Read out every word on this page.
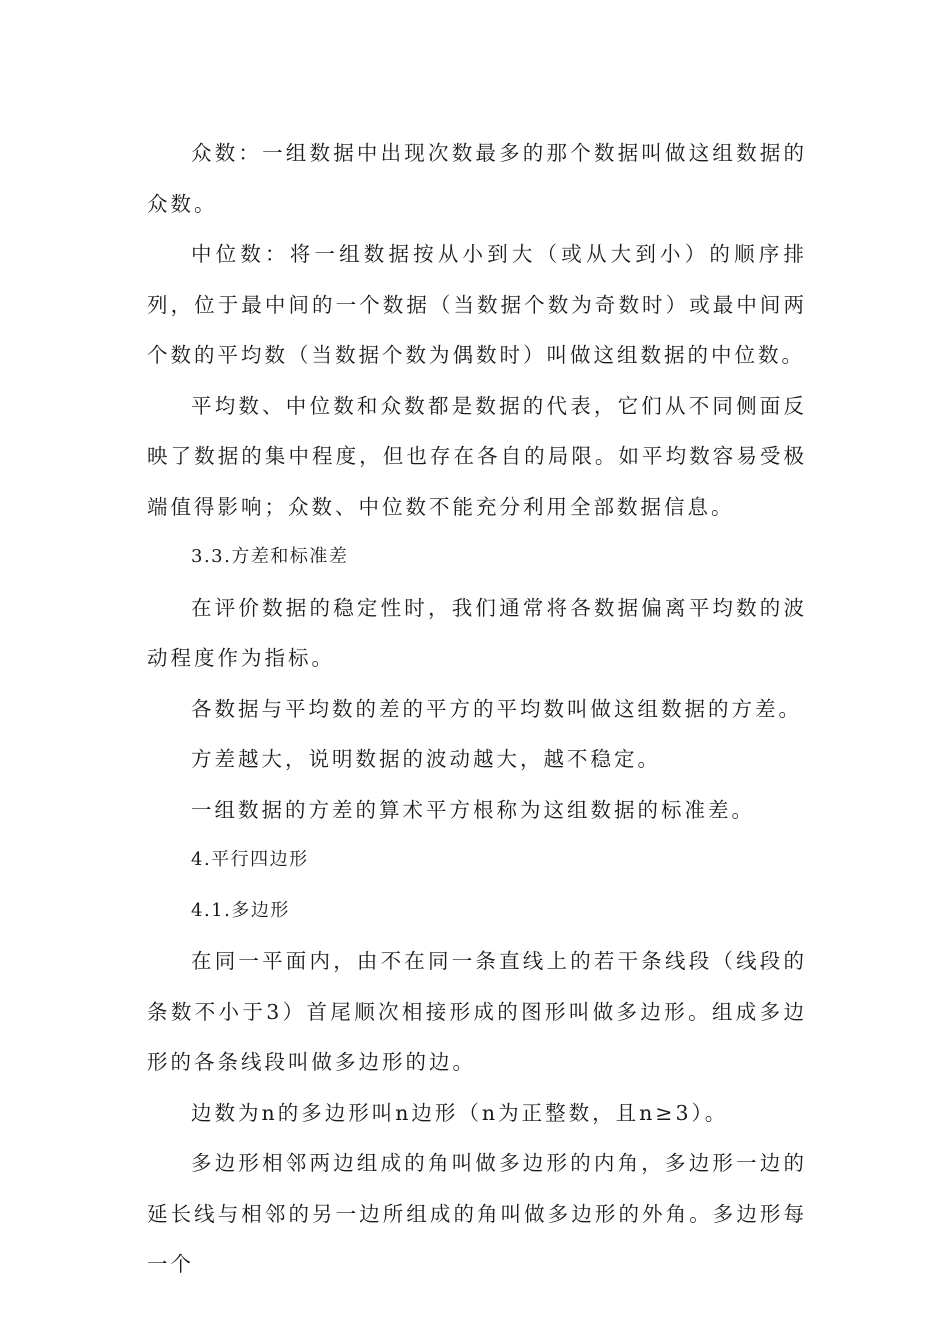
众数：一组数据中出现次数最多的那个数据叫做这组数据的众数。

中位数：将一组数据按从小到大（或从大到小）的顺序排列，位于最中间的一个数据（当数据个数为奇数时）或最中间两个数的平均数（当数据个数为偶数时）叫做这组数据的中位数。

平均数、中位数和众数都是数据的代表，它们从不同侧面反映了数据的集中程度，但也存在各自的局限。如平均数容易受极端值得影响；众数、中位数不能充分利用全部数据信息。

3.3.方差和标准差

在评价数据的稳定性时，我们通常将各数据偏离平均数的波动程度作为指标。

各数据与平均数的差的平方的平均数叫做这组数据的方差。

方差越大，说明数据的波动越大，越不稳定。

一组数据的方差的算术平方根称为这组数据的标准差。

4.平行四边形

4.1.多边形

在同一平面内，由不在同一条直线上的若干条线段（线段的条数不小于3）首尾顺次相接形成的图形叫做多边形。组成多边形的各条线段叫做多边形的边。

边数为n的多边形叫n边形（n为正整数，且n≥3）。

多边形相邻两边组成的角叫做多边形的内角，多边形一边的延长线与相邻的另一边所组成的角叫做多边形的外角。多边形每一个
